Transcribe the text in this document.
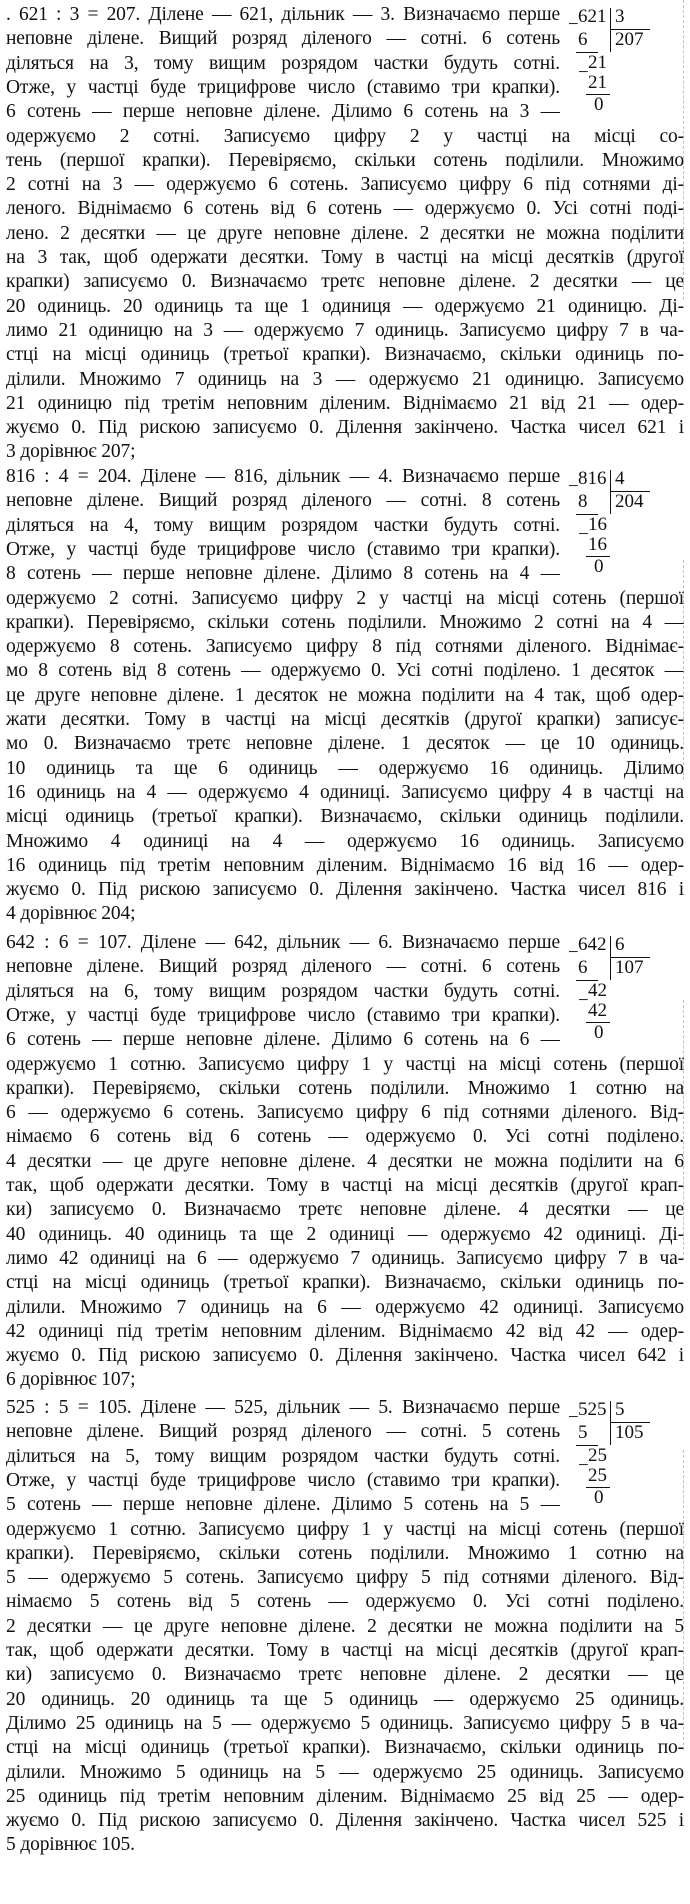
. 621 : 3 = 207. Ділене — 621, дільник — 3. Визначаємо перше
неповне ділене. Вищий розряд діленого — сотні. 6 сотень
діляться на 3, тому вищим розрядом частки будуть сотні.
Отже, у частці буде трицифрове число (ставимо три крапки).
6 сотень — перше неповне ділене. Ділимо 6 сотень на 3 —
одержуємо 2 сотні. Записуємо цифру 2 у частці на місці со-
тень (першої крапки). Перевіряємо, скільки сотень поділили. Множимо
2 сотні на 3 — одержуємо 6 сотень. Записуємо цифру 6 під сотнями ді-
леного. Віднімаємо 6 сотень від 6 сотень — одержуємо 0. Усі сотні поді-
лено. 2 десятки — це друге неповне ділене. 2 десятки не можна поділити
на 3 так, щоб одержати десятки. Тому в частці на місці десятків (другої
крапки) записуємо 0. Визначаємо третє неповне ділене. 2 десятки — це
20 одиниць. 20 одиниць та ще 1 одиниця — одержуємо 21 одиницю. Ді-
лимо 21 одиницю на 3 — одержуємо 7 одиниць. Записуємо цифру 7 в ча-
стці на місці одиниць (третьої крапки). Визначаємо, скільки одиниць по-
ділили. Множимо 7 одиниць на 3 — одержуємо 21 одиницю. Записуємо
21 одиницю під третім неповним діленим. Віднімаємо 21 від 21 — одер-
жуємо 0. Під рискою записуємо 0. Ділення закінчено. Частка чисел 621 і
3 дорівнює 207;
− 621 3
207
6
21
− 21
0
816 : 4 = 204. Ділене — 816, дільник — 4. Визначаємо перше
неповне ділене. Вищий розряд діленого — сотні. 8 сотень
діляться на 4, тому вищим розрядом частки будуть сотні.
Отже, у частці буде трицифрове число (ставимо три крапки).
8 сотень — перше неповне ділене. Ділимо 8 сотень на 4 —
одержуємо 2 сотні. Записуємо цифру 2 у частці на місці сотень (першої
крапки). Перевіряємо, скільки сотень поділили. Множимо 2 сотні на 4 —
одержуємо 8 сотень. Записуємо цифру 8 під сотнями діленого. Віднімає-
мо 8 сотень від 8 сотень — одержуємо 0. Усі сотні поділено. 1 десяток —
це друге неповне ділене. 1 десяток не можна поділити на 4 так, щоб одер-
жати десятки. Тому в частці на місці десятків (другої крапки) записує-
мо 0. Визначаємо третє неповне ділене. 1 десяток — це 10 одиниць.
10 одиниць та ще 6 одиниць — одержуємо 16 одиниць. Ділимо
16 одиниць на 4 — одержуємо 4 одиниці. Записуємо цифру 4 в частці на
місці одиниць (третьої крапки). Визначаємо, скільки одиниць поділили.
Множимо 4 одиниці на 4 — одержуємо 16 одиниць. Записуємо
16 одиниць під третім неповним діленим. Віднімаємо 16 від 16 — одер-
жуємо 0. Під рискою записуємо 0. Ділення закінчено. Частка чисел 816 і
4 дорівнює 204;
− 816 4
204
8
16
− 16
0
642 : 6 = 107. Ділене — 642, дільник — 6. Визначаємо перше
неповне ділене. Вищий розряд діленого — сотні. 6 сотень
діляться на 6, тому вищим розрядом частки будуть сотні.
Отже, у частці буде трицифрове число (ставимо три крапки).
6 сотень — перше неповне ділене. Ділимо 6 сотень на 6 —
одержуємо 1 сотню. Записуємо цифру 1 у частці на місці сотень (першої
крапки). Перевіряємо, скільки сотень поділили. Множимо 1 сотню на
6 — одержуємо 6 сотень. Записуємо цифру 6 під сотнями діленого. Від-
німаємо 6 сотень від 6 сотень — одержуємо 0. Усі сотні поділено.
4 десятки — це друге неповне ділене. 4 десятки не можна поділити на 6
так, щоб одержати десятки. Тому в частці на місці десятків (другої крап-
ки) записуємо 0. Визначаємо третє неповне ділене. 4 десятки — це
40 одиниць. 40 одиниць та ще 2 одиниці — одержуємо 42 одиниці. Ді-
лимо 42 одиниці на 6 — одержуємо 7 одиниць. Записуємо цифру 7 в ча-
стці на місці одиниць (третьої крапки). Визначаємо, скільки одиниць по-
ділили. Множимо 7 одиниць на 6 — одержуємо 42 одиниці. Записуємо
42 одиниці під третім неповним діленим. Віднімаємо 42 від 42 — одер-
жуємо 0. Під рискою записуємо 0. Ділення закінчено. Частка чисел 642 і
6 дорівнює 107;
− 642 6
107
6
42
− 42
0
525 : 5 = 105. Ділене — 525, дільник — 5. Визначаємо перше
неповне ділене. Вищий розряд діленого — сотні. 5 сотень
ділиться на 5, тому вищим розрядом частки будуть сотні.
Отже, у частці буде трицифрове число (ставимо три крапки).
5 сотень — перше неповне ділене. Ділимо 5 сотень на 5 —
одержуємо 1 сотню. Записуємо цифру 1 у частці на місці сотень (першої
крапки). Перевіряємо, скільки сотень поділили. Множимо 1 сотню на
5 — одержуємо 5 сотень. Записуємо цифру 5 під сотнями діленого. Від-
німаємо 5 сотень від 5 сотень — одержуємо 0. Усі сотні поділено.
2 десятки — це друге неповне ділене. 2 десятки не можна поділити на 5
так, щоб одержати десятки. Тому в частці на місці десятків (другої крап-
ки) записуємо 0. Визначаємо третє неповне ділене. 2 десятки — це
20 одиниць. 20 одиниць та ще 5 одиниць — одержуємо 25 одиниць.
Ділимо 25 одиниць на 5 — одержуємо 5 одиниць. Записуємо цифру 5 в ча-
стці на місці одиниць (третьої крапки). Визначаємо, скільки одиниць по-
ділили. Множимо 5 одиниць на 5 — одержуємо 25 одиниць. Записуємо
25 одиниць під третім неповним діленим. Віднімаємо 25 від 25 — одер-
жуємо 0. Під рискою записуємо 0. Ділення закінчено. Частка чисел 525 і
5 дорівнює 105.
− 525 5
105
5
25
− 25
0
